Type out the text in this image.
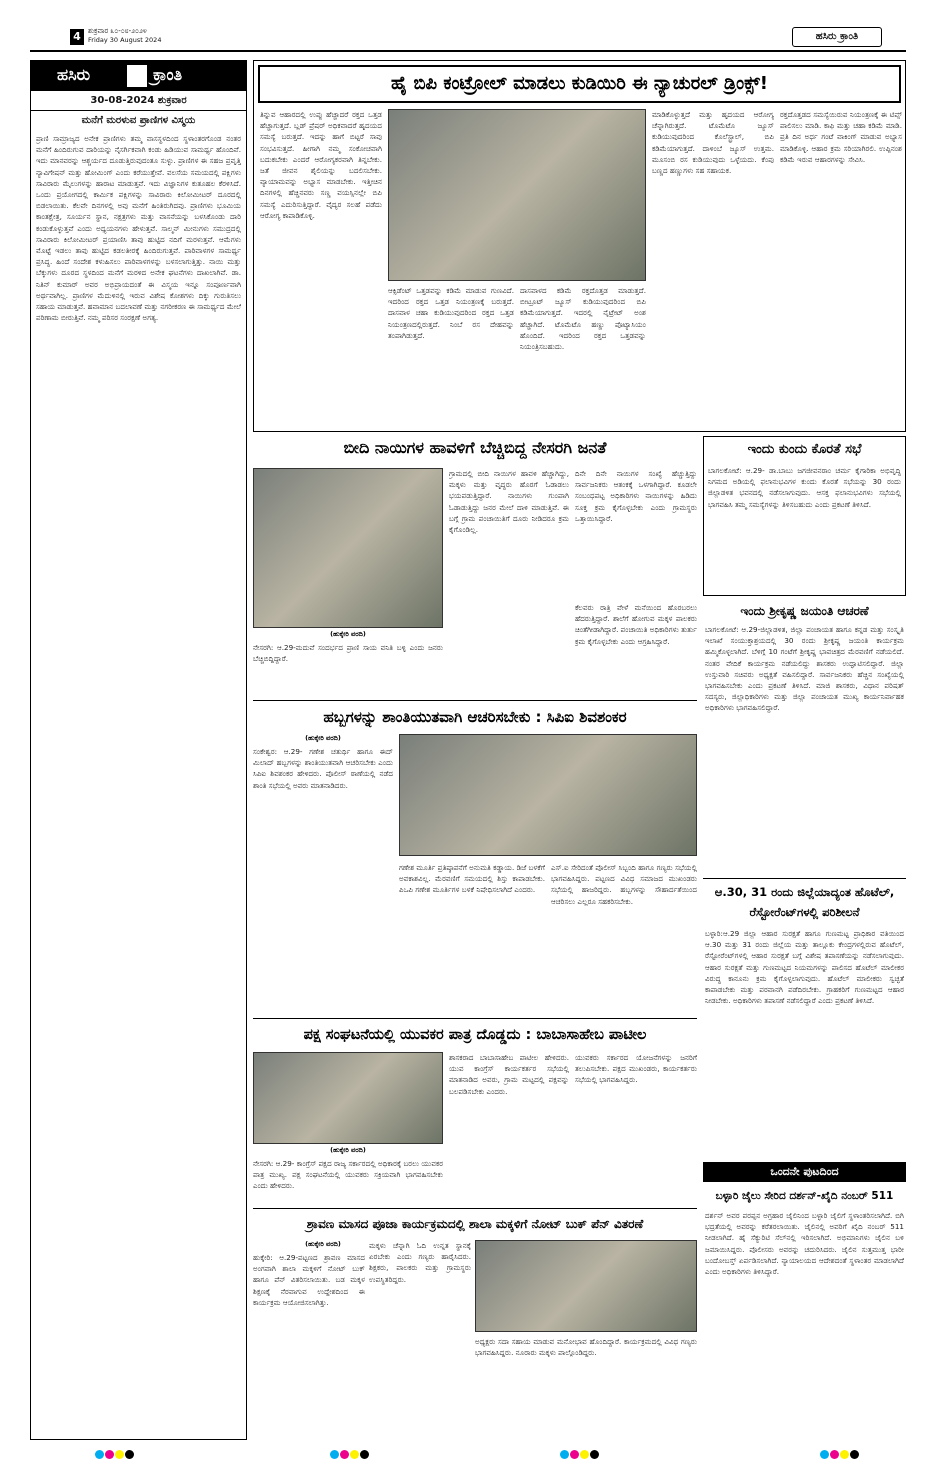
4	ಶುಕ್ರವಾರ ೩೦-೦೮-೨೦೨೪
Friday 30 August 2024	ಹಸಿರು ಕ್ರಾಂತಿ
ಹಸಿರು	ಕ್ರಾಂತಿ
30-08-2024 ಶುಕ್ರವಾರ
ಮನೆಗೆ ಮರಳುವ ಪ್ರಾಣಿಗಳ ವಿಸ್ಮಯ
ಪ್ರಾಣಿ ಸಾಮ್ರಾಜ್ಯದ ಅನೇಕ ಪ್ರಾಣಿಗಳು ತಮ್ಮ ವಾಸಸ್ಥಳದಿಂದ ಸ್ಥಳಾಂತರಗೊಂಡ ನಂತರ ಮನೆಗೆ ಹಿಂದಿರುಗುವ ದಾರಿಯನ್ನು ನೈಸರ್ಗಿಕವಾಗಿ ಕಂಡು ಹಿಡಿಯುವ ಸಾಮರ್ಥ್ಯ ಹೊಂದಿವೆ. ಇದು ಮಾನವರನ್ನು ಆಶ್ಚರ್ಯದ ದೂಡುತ್ತಿರುವುದಂತೂ ಸುಳ್ಳು. ಪ್ರಾಣಿಗಳ ಈ ಸಹಜ ಪ್ರವೃತ್ತಿ ನ್ಯಾವಿಗೇಷನ್ ಮತ್ತು ಹೋಮಿಂಗ್ ಎಂದು ಕರೆಯುತ್ತೇವೆ. ವಲಸೆಯ ಸಮಯದಲ್ಲಿ ಪಕ್ಷಿಗಳು ಸಾವಿರಾರು ಮೈಲುಗಳನ್ನು ಹಾರಾಟ ಮಾಡುತ್ತವೆ. ಇದು ವಿಜ್ಞಾನಿಗಳ ಕುತೂಹಲ ಕೆರಳಿಸಿದೆ. ಒಂದು ಪ್ರಯೋಗದಲ್ಲಿ ಕಾರ್ಮಿಕ ಪಕ್ಷಿಗಳನ್ನು ಸಾವಿರಾರು ಕಿಲೋಮೀಟರ್ ದೂರದಲ್ಲಿ ಬಿಡಲಾಯಿತು. ಕೆಲವೇ ದಿನಗಳಲ್ಲಿ ಅವು ಮನೆಗೆ ಹಿಂತಿರುಗಿದವು. ಪ್ರಾಣಿಗಳು ಭೂಮಿಯ ಕಾಂತಕ್ಷೇತ್ರ, ಸೂರ್ಯನ ಸ್ಥಾನ, ನಕ್ಷತ್ರಗಳು ಮತ್ತು ವಾಸನೆಯನ್ನು ಬಳಸಿಕೊಂಡು ದಾರಿ ಕಂಡುಕೊಳ್ಳುತ್ತವೆ ಎಂದು ಅಧ್ಯಯನಗಳು ಹೇಳುತ್ತವೆ. ಸಾಲ್ಮನ್ ಮೀನುಗಳು ಸಮುದ್ರದಲ್ಲಿ ಸಾವಿರಾರು ಕಿಲೋಮೀಟರ್ ಪ್ರಯಾಣಿಸಿ ತಾವು ಹುಟ್ಟಿದ ನದಿಗೆ ಮರಳುತ್ತವೆ. ಆಮೆಗಳು ಮೊಟ್ಟೆ ಇಡಲು ತಾವು ಹುಟ್ಟಿದ ಕಡಲತೀರಕ್ಕೆ ಹಿಂದಿರುಗುತ್ತವೆ. ಪಾರಿವಾಳಗಳ ಸಾಮರ್ಥ್ಯ ಪ್ರಸಿದ್ಧ. ಹಿಂದೆ ಸಂದೇಶ ಕಳುಹಿಸಲು ಪಾರಿವಾಳಗಳನ್ನು ಬಳಸಲಾಗುತ್ತಿತ್ತು. ನಾಯಿ ಮತ್ತು ಬೆಕ್ಕುಗಳು ದೂರದ ಸ್ಥಳದಿಂದ ಮನೆಗೆ ಮರಳಿದ ಅನೇಕ ಘಟನೆಗಳು ದಾಖಲಾಗಿವೆ. ಡಾ. ನಿತಿನ್ ಕುಮಾರ್ ಅವರ ಅಭಿಪ್ರಾಯದಂತೆ ಈ ವಿಸ್ಮಯ ಇನ್ನೂ ಸಂಪೂರ್ಣವಾಗಿ ಅರ್ಥವಾಗಿಲ್ಲ. ಪ್ರಾಣಿಗಳ ಮೆದುಳಿನಲ್ಲಿ ಇರುವ ವಿಶೇಷ ಕೋಶಗಳು ದಿಕ್ಕು ಗುರುತಿಸಲು ಸಹಾಯ ಮಾಡುತ್ತವೆ. ಹವಾಮಾನ ಬದಲಾವಣೆ ಮತ್ತು ನಗರೀಕರಣ ಈ ಸಾಮರ್ಥ್ಯದ ಮೇಲೆ ಪರಿಣಾಮ ಬೀರುತ್ತಿವೆ. ನಮ್ಮ ಪರಿಸರ ಸಂರಕ್ಷಣೆ ಅಗತ್ಯ.
ಹೈ ಬಿಪಿ ಕಂಟ್ರೋಲ್ ಮಾಡಲು ಕುಡಿಯಿರಿ ಈ ನ್ಯಾಚುರಲ್ ಡ್ರಿಂಕ್ಸ್!
ತಿನ್ನುವ ಆಹಾರದಲ್ಲಿ ಉಪ್ಪು ಹೆಚ್ಚಾದರೆ ರಕ್ತದ ಒತ್ತಡ ಹೆಚ್ಚಾಗುತ್ತದೆ. ಬ್ಲಡ್ ಪ್ರೆಷರ್ ಅಧಿಕವಾದರೆ ಹೃದಯದ ಸಮಸ್ಯೆ ಬರುತ್ತದೆ. ಇದನ್ನು ಹಾಗೆ ಬಿಟ್ಟರೆ ಸಾವು ಸಂಭವಿಸುತ್ತದೆ. ಹೀಗಾಗಿ ನಮ್ಮ ಸಂಕೋಚವಾಗಿ ಬದುಕಬೇಕು ಎಂದರೆ ಆರೋಗ್ಯಕರವಾಗಿ ತಿನ್ನಬೇಕು. ಜತೆ ಜೀವನ ಶೈಲಿಯನ್ನು ಬದಲಿಸಬೇಕು. ವ್ಯಾಯಾಮವನ್ನು ಅಭ್ಯಾಸ ಮಾಡಬೇಕು. ಇತ್ತೀಚಿನ ದಿನಗಳಲ್ಲಿ ಹೆಚ್ಚಿನವರು ಸಣ್ಣ ವಯಸ್ಸಿನಲ್ಲೇ ಬಿಪಿ ಸಮಸ್ಯೆ ಎದುರಿಸುತ್ತಿದ್ದಾರೆ. ವೈದ್ಯರ ಸಲಹೆ ಪಡೆದು ಆರೋಗ್ಯ ಕಾಪಾಡಿಕೊಳ್ಳಿ.
ಆಕ್ಸಿಡೆಂಟ್ ಒತ್ತಡವನ್ನು ಕಡಿಮೆ ಮಾಡುವ ಗುಣವಿದೆ. ಇದರಿಂದ ರಕ್ತದ ಒತ್ತಡ ನಿಯಂತ್ರಣಕ್ಕೆ ಬರುತ್ತದೆ. ದಾಸವಾಳ ಚಹಾ ಕುಡಿಯುವುದರಿಂದ ರಕ್ತದ ಒತ್ತಡ ನಿಯಂತ್ರಣದಲ್ಲಿರುತ್ತದೆ. ನಿಂಬೆ ರಸ ದೇಹವನ್ನು ತಂಪಾಗಿಡುತ್ತದೆ.
ದಾಸವಾಳದ ಕಡಿಮೆ ರಕ್ತದೊತ್ತಡ ಮಾಡುತ್ತದೆ. ಬೀಟ್ರೂಟ್ ಜ್ಯೂಸ್ ಕುಡಿಯುವುದರಿಂದ ಬಿಪಿ ಕಡಿಮೆಯಾಗುತ್ತದೆ. ಇದರಲ್ಲಿ ನೈಟ್ರೇಟ್ ಅಂಶ ಹೆಚ್ಚಾಗಿದೆ. ಟೊಮೆಟೊ ಹಣ್ಣು ಪೊಟ್ಯಾಸಿಯಂ ಹೊಂದಿದೆ. ಇದರಿಂದ ರಕ್ತದ ಒತ್ತಡವನ್ನು ನಿಯಂತ್ರಿಸಬಹುದು.
ಮಾಡಿಕೊಳ್ಳುತ್ತದೆ ಮತ್ತು ಹೃದಯದ ಆರೋಗ್ಯ ಚೆನ್ನಾಗಿರುತ್ತದೆ. ಟೊಮೆಟೊ ಜ್ಯೂಸ್ ಕುಡಿಯುವುದರಿಂದ ಕೊಲೆಸ್ಟ್ರಾಲ್, ಬಿಪಿ ಕಡಿಮೆಯಾಗುತ್ತದೆ. ದಾಳಿಂಬೆ ಜ್ಯೂಸ್ ಉತ್ತಮ. ಮೂಸಂಬಿ ರಸ ಕುಡಿಯುವುದು ಒಳ್ಳೆಯದು. ಕೆಂಪು ಬಣ್ಣದ ಹಣ್ಣುಗಳು ಸಹ ಸಹಾಯಕ.
ರಕ್ತದೊತ್ತಡದ ಸಮಸ್ಯೆಯಿರುವ ನಿಯಂತ್ರಣಕ್ಕೆ ಈ ಟಿಪ್ಸ್ ಪಾಲಿಸಲು ಮಾಡಿ. ಕಾಫಿ ಮತ್ತು ಚಹಾ ಕಡಿಮೆ ಮಾಡಿ. ಪ್ರತಿ ದಿನ ಅರ್ಧ ಗಂಟೆ ವಾಕಿಂಗ್ ಮಾಡುವ ಅಭ್ಯಾಸ ಮಾಡಿಕೊಳ್ಳಿ. ಆಹಾರ ಕ್ರಮ ಸರಿಯಾಗಿರಲಿ. ಉಪ್ಪಿನಂಶ ಕಡಿಮೆ ಇರುವ ಆಹಾರಗಳನ್ನು ಸೇವಿಸಿ.
ಬೀದಿ ನಾಯಿಗಳ ಹಾವಳಿಗೆ ಬೆಚ್ಚಿಬಿದ್ದ ನೇಸರಗಿ ಜನತೆ
(ಹುಕ್ಕೇರಿ ವರದಿ)
ನೇಸರಗಿ: ಆ.29-ಮದುವೆ ಸಂದರ್ಭದ ಪ್ರಾಣಿ ಸಾಯ ವನಿತಿ ಬಳ್ಳಿ ಎಂದು ಜನರು ಬೆಚ್ಚಿಬಿದ್ದಿದ್ದಾರೆ.
ಗ್ರಾಮದಲ್ಲಿ ಬೀದಿ ನಾಯಿಗಳ ಹಾವಳಿ ಹೆಚ್ಚಾಗಿದ್ದು, ಮಕ್ಕಳು ಮತ್ತು ವೃದ್ಧರು ಹೊರಗೆ ಓಡಾಡಲು ಭಯಪಡುತ್ತಿದ್ದಾರೆ. ನಾಯಿಗಳು ಗುಂಪಾಗಿ ಓಡಾಡುತ್ತಿದ್ದು ಜನರ ಮೇಲೆ ದಾಳಿ ಮಾಡುತ್ತಿವೆ. ಈ ಬಗ್ಗೆ ಗ್ರಾಮ ಪಂಚಾಯಿತಿಗೆ ದೂರು ನೀಡಿದರೂ ಕ್ರಮ ಕೈಗೊಂಡಿಲ್ಲ.
ದಿನೇ ದಿನೇ ನಾಯಿಗಳ ಸಂಖ್ಯೆ ಹೆಚ್ಚುತ್ತಿದ್ದು ಸಾರ್ವಜನಿಕರು ಆತಂಕಕ್ಕೆ ಒಳಗಾಗಿದ್ದಾರೆ. ಕೂಡಲೇ ಸಂಬಂಧಪಟ್ಟ ಅಧಿಕಾರಿಗಳು ನಾಯಿಗಳನ್ನು ಹಿಡಿದು ಸೂಕ್ತ ಕ್ರಮ ಕೈಗೊಳ್ಳಬೇಕು ಎಂದು ಗ್ರಾಮಸ್ಥರು ಒತ್ತಾಯಿಸಿದ್ದಾರೆ.
ಕೆಲವರು ರಾತ್ರಿ ವೇಳೆ ಮನೆಯಿಂದ ಹೊರಬರಲು ಹೆದರುತ್ತಿದ್ದಾರೆ. ಶಾಲೆಗೆ ಹೋಗುವ ಮಕ್ಕಳ ಪಾಲಕರು ಚಿಂತೆಗೀಡಾಗಿದ್ದಾರೆ. ಪಂಚಾಯಿತಿ ಅಧಿಕಾರಿಗಳು ತುರ್ತು ಕ್ರಮ ಕೈಗೊಳ್ಳಬೇಕು ಎಂದು ಆಗ್ರಹಿಸಿದ್ದಾರೆ.
ಹಬ್ಬಗಳನ್ನು ಶಾಂತಿಯುತವಾಗಿ ಆಚರಿಸಬೇಕು : ಸಿಪಿಐ ಶಿವಶಂಕರ
(ಹುಕ್ಕೇರಿ ವರದಿ)
ಸಂಕೇಶ್ವರ: ಆ.29- ಗಣೇಶ ಚತುರ್ಥಿ ಹಾಗೂ ಈದ್ ಮಿಲಾದ್ ಹಬ್ಬಗಳನ್ನು ಶಾಂತಿಯುತವಾಗಿ ಆಚರಿಸಬೇಕು ಎಂದು ಸಿಪಿಐ ಶಿವಶಂಕರ ಹೇಳಿದರು. ಪೊಲೀಸ್ ಠಾಣೆಯಲ್ಲಿ ನಡೆದ ಶಾಂತಿ ಸಭೆಯಲ್ಲಿ ಅವರು ಮಾತನಾಡಿದರು.
ಗಣೇಶ ಮೂರ್ತಿ ಪ್ರತಿಷ್ಠಾಪನೆಗೆ ಅನುಮತಿ ಕಡ್ಡಾಯ. ಡಿಜೆ ಬಳಕೆಗೆ ಅವಕಾಶವಿಲ್ಲ. ಮೆರವಣಿಗೆ ಸಮಯದಲ್ಲಿ ಶಿಸ್ತು ಕಾಪಾಡಬೇಕು. ಪಿಒಪಿ ಗಣೇಶ ಮೂರ್ತಿಗಳ ಬಳಕೆ ನಿಷೇಧಿಸಲಾಗಿದೆ ಎಂದರು.
ಎಸ್.ಐ ಸೇರಿದಂತೆ ಪೊಲೀಸ್ ಸಿಬ್ಬಂದಿ ಹಾಗೂ ಗಣ್ಯರು ಸಭೆಯಲ್ಲಿ ಭಾಗವಹಿಸಿದ್ದರು. ಪಟ್ಟಣದ ವಿವಿಧ ಸಮಾಜದ ಮುಖಂಡರು ಸಭೆಯಲ್ಲಿ ಹಾಜರಿದ್ದರು. ಹಬ್ಬಗಳನ್ನು ಸೌಹಾರ್ದತೆಯಿಂದ ಆಚರಿಸಲು ಎಲ್ಲರೂ ಸಹಕರಿಸಬೇಕು.
ಪಕ್ಷ ಸಂಘಟನೆಯಲ್ಲಿ ಯುವಕರ ಪಾತ್ರ ದೊಡ್ಡದು : ಬಾಬಾಸಾಹೇಬ ಪಾಟೀಲ
(ಹುಕ್ಕೇರಿ ವರದಿ)
ನೇಸರಗಿ: ಆ.29- ಕಾಂಗ್ರೆಸ್ ಪಕ್ಷದ ರಾಜ್ಯ ಸರ್ಕಾರದಲ್ಲಿ ಅಧಿಕಾರಕ್ಕೆ ಬರಲು ಯುವಕರ ಪಾತ್ರ ಮುಖ್ಯ. ಪಕ್ಷ ಸಂಘಟನೆಯಲ್ಲಿ ಯುವಕರು ಸಕ್ರಿಯವಾಗಿ ಭಾಗವಹಿಸಬೇಕು ಎಂದು ಹೇಳಿದರು.
ಶಾಸಕರಾದ ಬಾಬಾಸಾಹೇಬ ಪಾಟೀಲ ಹೇಳಿದರು. ಯುವ ಕಾಂಗ್ರೆಸ್ ಕಾರ್ಯಕರ್ತರ ಸಭೆಯಲ್ಲಿ ಮಾತನಾಡಿದ ಅವರು, ಗ್ರಾಮ ಮಟ್ಟದಲ್ಲಿ ಪಕ್ಷವನ್ನು ಬಲಪಡಿಸಬೇಕು ಎಂದರು.
ಯುವಕರು ಸರ್ಕಾರದ ಯೋಜನೆಗಳನ್ನು ಜನರಿಗೆ ತಲುಪಿಸಬೇಕು. ಪಕ್ಷದ ಮುಖಂಡರು, ಕಾರ್ಯಕರ್ತರು ಸಭೆಯಲ್ಲಿ ಭಾಗವಹಿಸಿದ್ದರು.
ಶ್ರಾವಣ ಮಾಸದ ಪೂಜಾ ಕಾರ್ಯಕ್ರಮದಲ್ಲಿ ಶಾಲಾ ಮಕ್ಕಳಿಗೆ ನೋಟ್ ಬುಕ್ ಪೆನ್ ವಿತರಣೆ
(ಹುಕ್ಕೇರಿ ವರದಿ)
ಹುಕ್ಕೇರಿ: ಆ.29-ಪಟ್ಟಣದ ಶ್ರಾವಣ ಮಾಸದ ಅಂಗವಾಗಿ ಶಾಲಾ ಮಕ್ಕಳಿಗೆ ನೋಟ್ ಬುಕ್ ಹಾಗೂ ಪೆನ್ ವಿತರಿಸಲಾಯಿತು. ಬಡ ಮಕ್ಕಳ ಶಿಕ್ಷಣಕ್ಕೆ ನೆರವಾಗುವ ಉದ್ದೇಶದಿಂದ ಈ ಕಾರ್ಯಕ್ರಮ ಆಯೋಜಿಸಲಾಗಿತ್ತು.
ಮಕ್ಕಳು ಚೆನ್ನಾಗಿ ಓದಿ ಉನ್ನತ ಸ್ಥಾನಕ್ಕೆ ಏರಬೇಕು ಎಂದು ಗಣ್ಯರು ಹಾರೈಸಿದರು. ಶಿಕ್ಷಕರು, ಪಾಲಕರು ಮತ್ತು ಗ್ರಾಮಸ್ಥರು ಉಪಸ್ಥಿತರಿದ್ದರು.
ಅಧ್ಯಕ್ಷರು ಸದಾ ಸಹಾಯ ಮಾಡುವ ಮನೋಭಾವ ಹೊಂದಿದ್ದಾರೆ. ಕಾರ್ಯಕ್ರಮದಲ್ಲಿ ವಿವಿಧ ಗಣ್ಯರು ಭಾಗವಹಿಸಿದ್ದರು. ನೂರಾರು ಮಕ್ಕಳು ಪಾಲ್ಗೊಂಡಿದ್ದರು.
ಇಂದು ಕುಂದು ಕೊರತೆ ಸಭೆ
ಬಾಗಲಕೋಟೆ: ಆ.29- ಡಾ.ಬಾಬು ಜಗಜೀವನರಾಂ ಚರ್ಮ ಕೈಗಾರಿಕಾ ಅಭಿವೃದ್ಧಿ ನಿಗಮದ ಅಡಿಯಲ್ಲಿ ಫಲಾನುಭವಿಗಳ ಕುಂದು ಕೊರತೆ ಸಭೆಯನ್ನು 30 ರಂದು ಜಿಲ್ಲಾಡಳಿತ ಭವನದಲ್ಲಿ ನಡೆಸಲಾಗುವುದು. ಆಸಕ್ತ ಫಲಾನುಭವಿಗಳು ಸಭೆಯಲ್ಲಿ ಭಾಗವಹಿಸಿ ತಮ್ಮ ಸಮಸ್ಯೆಗಳನ್ನು ತಿಳಿಸಬಹುದು ಎಂದು ಪ್ರಕಟಣೆ ತಿಳಿಸಿದೆ.
ಇಂದು ಶ್ರೀಕೃಷ್ಣ ಜಯಂತಿ ಆಚರಣೆ
ಬಾಗಲಕೋಟೆ: ಆ.29-ಜಿಲ್ಲಾಡಳಿತ, ಜಿಲ್ಲಾ ಪಂಚಾಯತ ಹಾಗೂ ಕನ್ನಡ ಮತ್ತು ಸಂಸ್ಕೃತಿ ಇಲಾಖೆ ಸಂಯುಕ್ತಾಶ್ರಯದಲ್ಲಿ 30 ರಂದು ಶ್ರೀಕೃಷ್ಣ ಜಯಂತಿ ಕಾರ್ಯಕ್ರಮ ಹಮ್ಮಿಕೊಳ್ಳಲಾಗಿದೆ. ಬೆಳಿಗ್ಗೆ 10 ಗಂಟೆಗೆ ಶ್ರೀಕೃಷ್ಣ ಭಾವಚಿತ್ರದ ಮೆರವಣಿಗೆ ನಡೆಯಲಿದೆ. ನಂತರ ವೇದಿಕೆ ಕಾರ್ಯಕ್ರಮ ನಡೆಯಲಿದ್ದು ಶಾಸಕರು ಉದ್ಘಾಟಿಸಲಿದ್ದಾರೆ. ಜಿಲ್ಲಾ ಉಸ್ತುವಾರಿ ಸಚಿವರು ಅಧ್ಯಕ್ಷತೆ ವಹಿಸಲಿದ್ದಾರೆ. ಸಾರ್ವಜನಿಕರು ಹೆಚ್ಚಿನ ಸಂಖ್ಯೆಯಲ್ಲಿ ಭಾಗವಹಿಸಬೇಕು ಎಂದು ಪ್ರಕಟಣೆ ತಿಳಿಸಿದೆ. ಮಾಜಿ ಶಾಸಕರು, ವಿಧಾನ ಪರಿಷತ್ ಸದಸ್ಯರು, ಜಿಲ್ಲಾಧಿಕಾರಿಗಳು ಮತ್ತು ಜಿಲ್ಲಾ ಪಂಚಾಯತ ಮುಖ್ಯ ಕಾರ್ಯನಿರ್ವಾಹಕ ಅಧಿಕಾರಿಗಳು ಭಾಗವಹಿಸಲಿದ್ದಾರೆ.
ಆ.30, 31 ರಂದು ಜಿಲ್ಲೆಯಾದ್ಯಂತ ಹೊಟೆಲ್, ರೆಸ್ಟೋರೆಂಟ್‌ಗಳಲ್ಲಿ ಪರಿಶೀಲನೆ
ಬಳ್ಳಾರಿ:ಆ.29 ಜಿಲ್ಲಾ ಆಹಾರ ಸುರಕ್ಷತೆ ಹಾಗೂ ಗುಣಮಟ್ಟ ಪ್ರಾಧಿಕಾರ ವತಿಯಿಂದ ಆ.30 ಮತ್ತು 31 ರಂದು ಜಿಲ್ಲೆಯ ಮತ್ತು ತಾಲ್ಲೂಕು ಕೇಂದ್ರಗಳಲ್ಲಿರುವ ಹೊಟೆಲ್, ರೆಸ್ಟೋರೆಂಟ್‌ಗಳಲ್ಲಿ ಆಹಾರ ಸುರಕ್ಷತೆ ಬಗ್ಗೆ ವಿಶೇಷ ತಪಾಸಣೆಯನ್ನು ನಡೆಸಲಾಗುವುದು. ಆಹಾರ ಸುರಕ್ಷತೆ ಮತ್ತು ಗುಣಮಟ್ಟದ ನಿಯಮಗಳನ್ನು ಪಾಲಿಸದ ಹೊಟೆಲ್ ಮಾಲೀಕರ ವಿರುದ್ಧ ಕಾನೂನು ಕ್ರಮ ಕೈಗೊಳ್ಳಲಾಗುವುದು. ಹೊಟೆಲ್ ಮಾಲೀಕರು ಸ್ವಚ್ಛತೆ ಕಾಪಾಡಬೇಕು ಮತ್ತು ಪರವಾನಗಿ ಪಡೆದಿರಬೇಕು. ಗ್ರಾಹಕರಿಗೆ ಗುಣಮಟ್ಟದ ಆಹಾರ ನೀಡಬೇಕು. ಅಧಿಕಾರಿಗಳು ತಪಾಸಣೆ ನಡೆಸಲಿದ್ದಾರೆ ಎಂದು ಪ್ರಕಟಣೆ ತಿಳಿಸಿದೆ.
ಒಂದನೇ ಪುಟದಿಂದ
ಬಳ್ಳಾರಿ ಜೈಲು ಸೇರಿದ ದರ್ಶನ್-ಖೈದಿ ನಂಬರ್ 511
ದರ್ಶನ್ ಅವರ ಪರಪ್ಪನ ಅಗ್ರಹಾರ ಜೈಲಿನಿಂದ ಬಳ್ಳಾರಿ ಜೈಲಿಗೆ ಸ್ಥಳಾಂತರಿಸಲಾಗಿದೆ. ಬಿಗಿ ಭದ್ರತೆಯಲ್ಲಿ ಅವರನ್ನು ಕರೆತರಲಾಯಿತು. ಜೈಲಿನಲ್ಲಿ ಅವರಿಗೆ ಖೈದಿ ನಂಬರ್ 511 ನೀಡಲಾಗಿದೆ. ಹೈ ಸೆಕ್ಯುರಿಟಿ ಸೆಲ್‌ನಲ್ಲಿ ಇರಿಸಲಾಗಿದೆ. ಅಭಿಮಾನಿಗಳು ಜೈಲಿನ ಬಳಿ ಜಮಾಯಿಸಿದ್ದರು. ಪೊಲೀಸರು ಅವರನ್ನು ಚದುರಿಸಿದರು. ಜೈಲಿನ ಸುತ್ತಮುತ್ತ ಭಾರೀ ಬಂದೋಬಸ್ತ್ ಏರ್ಪಡಿಸಲಾಗಿದೆ. ನ್ಯಾಯಾಲಯದ ಆದೇಶದಂತೆ ಸ್ಥಳಾಂತರ ಮಾಡಲಾಗಿದೆ ಎಂದು ಅಧಿಕಾರಿಗಳು ತಿಳಿಸಿದ್ದಾರೆ.
